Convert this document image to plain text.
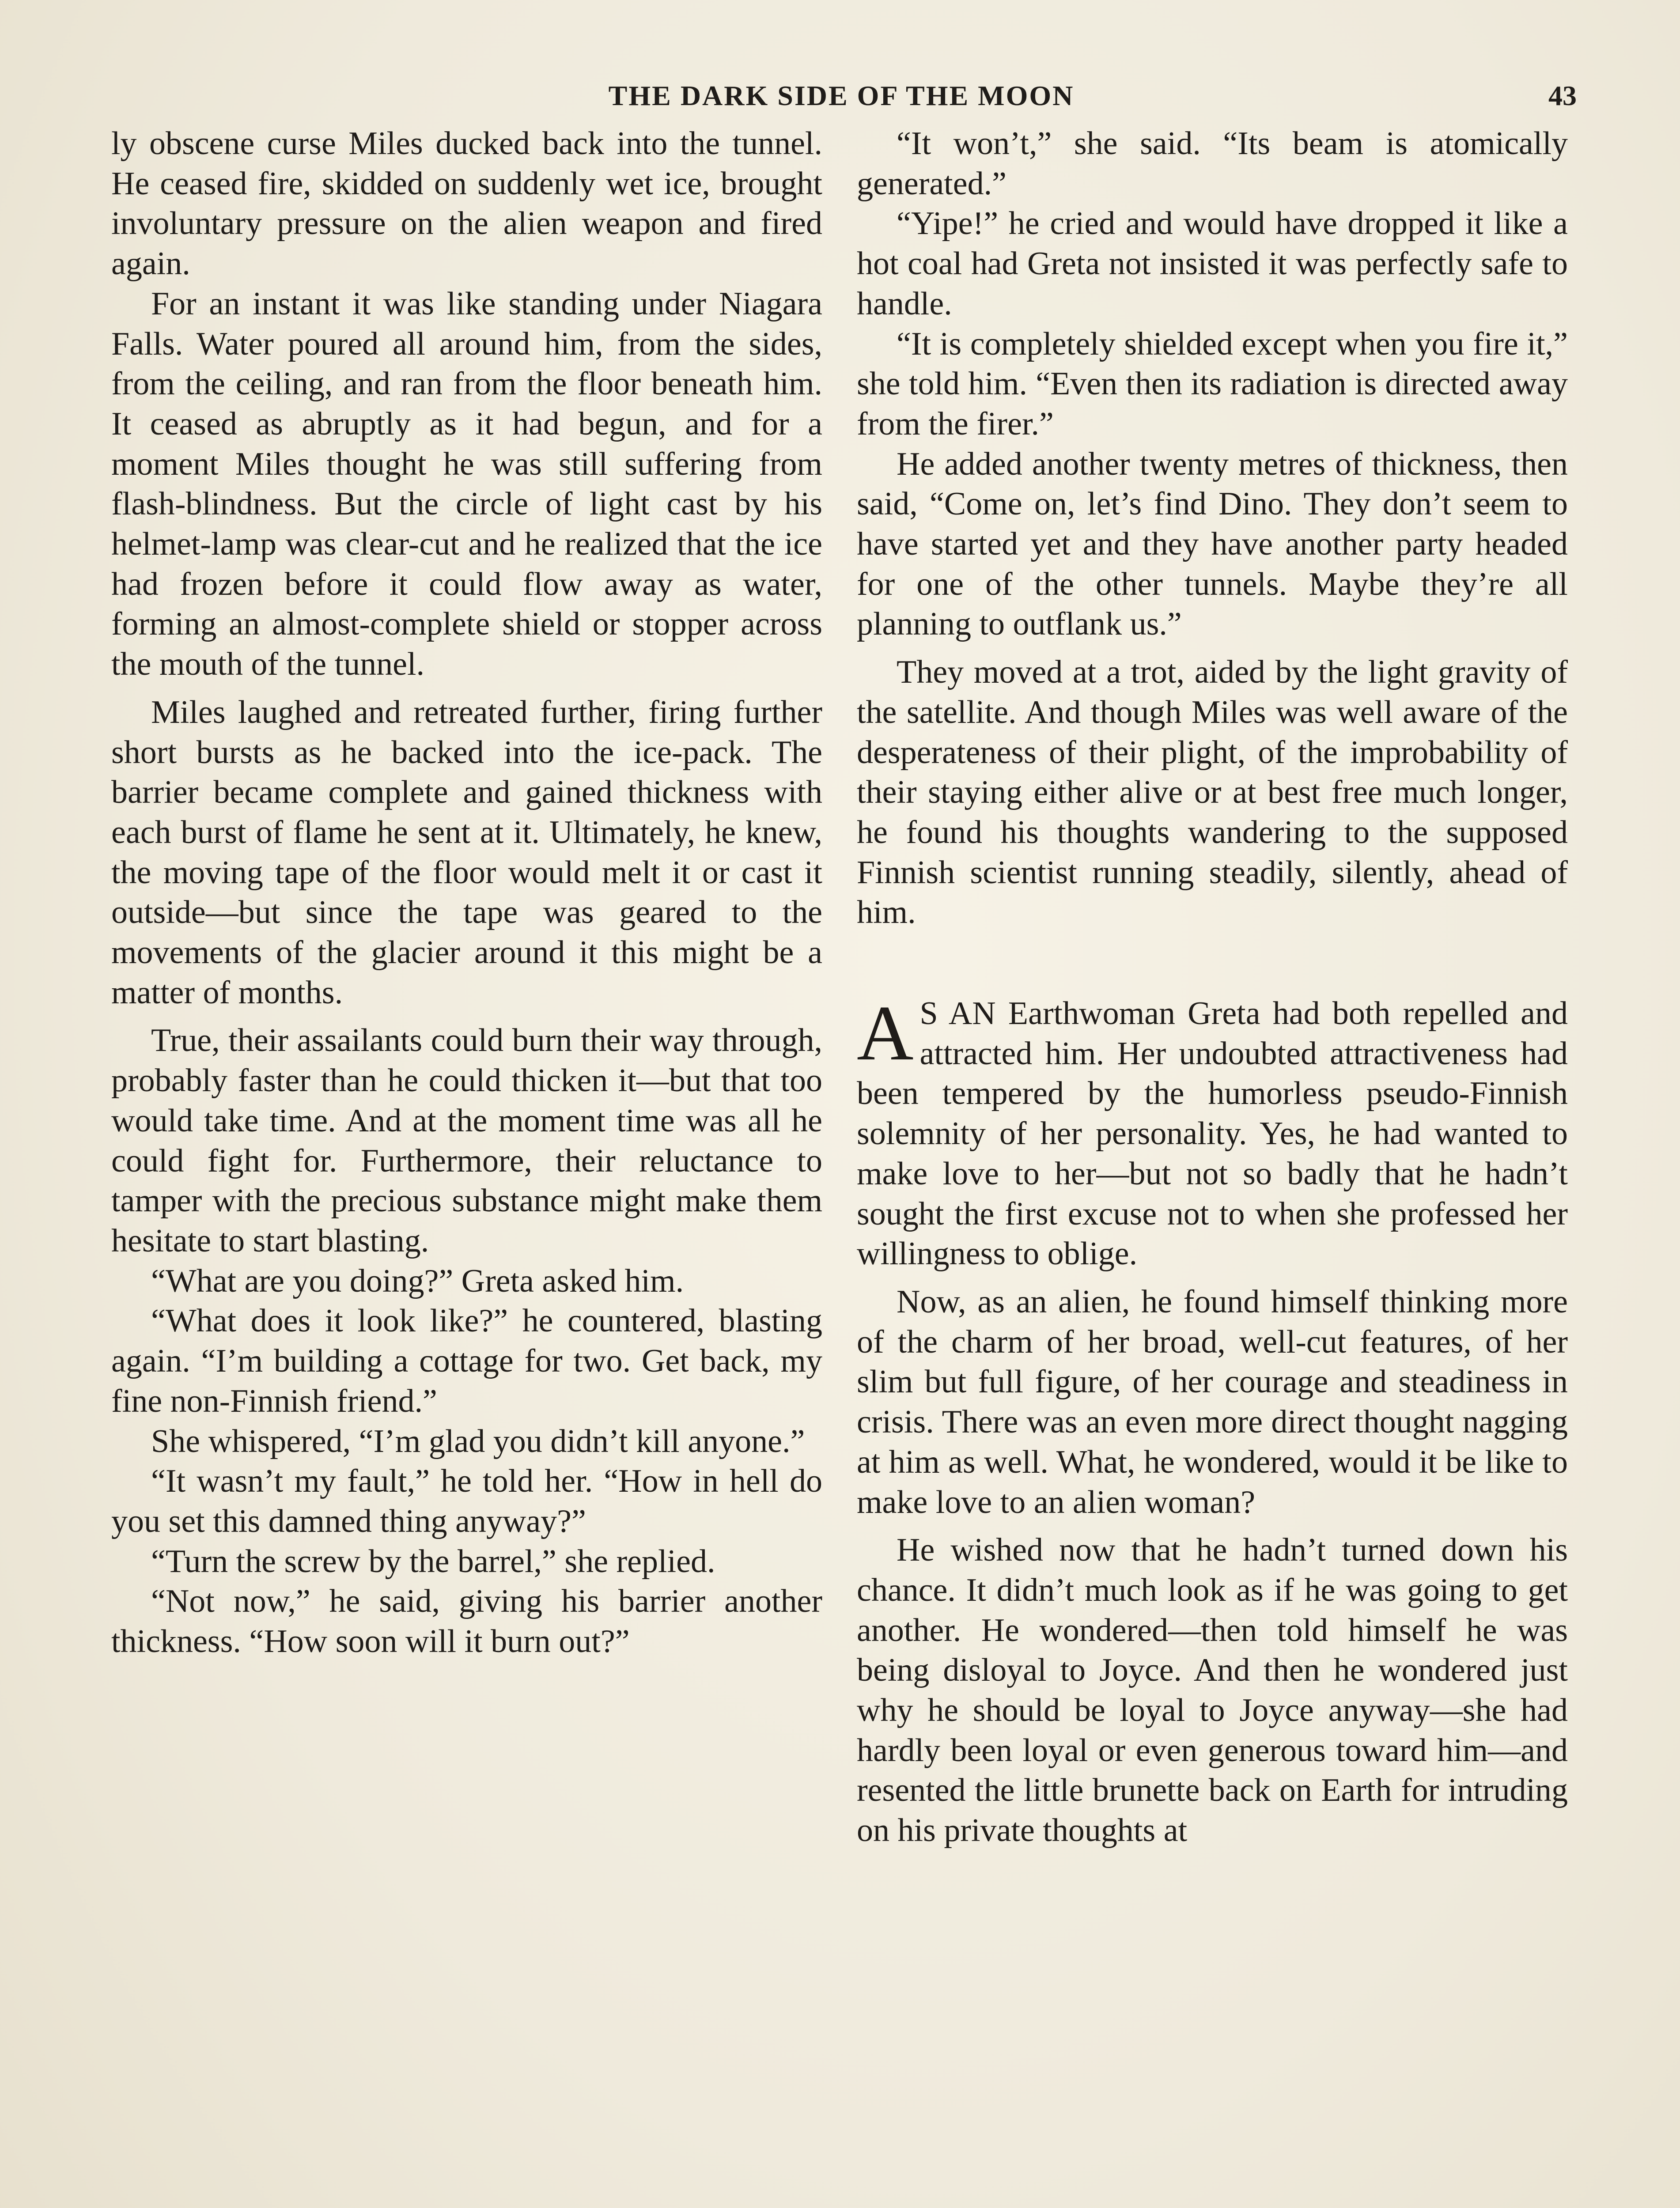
THE DARK SIDE OF THE MOON	43

ly obscene curse Miles ducked back into the tunnel. He ceased fire, skidded on suddenly wet ice, brought involuntary pressure on the alien weapon and fired again.

For an instant it was like standing under Niagara Falls. Water poured all around him, from the sides, from the ceiling, and ran from the floor beneath him. It ceased as abruptly as it had begun, and for a moment Miles thought he was still suffering from flash-blindness. But the circle of light cast by his helmet-lamp was clear-cut and he realized that the ice had frozen before it could flow away as water, forming an almost-complete shield or stopper across the mouth of the tunnel.

Miles laughed and retreated further, firing further short bursts as he backed into the ice-pack. The barrier became complete and gained thickness with each burst of flame he sent at it. Ultimately, he knew, the moving tape of the floor would melt it or cast it outside—but since the tape was geared to the movements of the glacier around it this might be a matter of months.

True, their assailants could burn their way through, probably faster than he could thicken it—but that too would take time. And at the moment time was all he could fight for. Furthermore, their reluctance to tamper with the precious substance might make them hesitate to start blasting.

“What are you doing?” Greta asked him.

“What does it look like?” he countered, blasting again. “I’m building a cottage for two. Get back, my fine non-Finnish friend.”

She whispered, “I’m glad you didn’t kill anyone.”

“It wasn’t my fault,” he told her. “How in hell do you set this damned thing anyway?”

“Turn the screw by the barrel,” she replied.

“Not now,” he said, giving his barrier another thickness. “How soon will it burn out?”

“It won’t,” she said. “Its beam is atomically generated.”

“Yipe!” he cried and would have dropped it like a hot coal had Greta not insisted it was perfectly safe to handle.

“It is completely shielded except when you fire it,” she told him. “Even then its radiation is directed away from the firer.”

He added another twenty metres of thickness, then said, “Come on, let’s find Dino. They don’t seem to have started yet and they have another party headed for one of the other tunnels. Maybe they’re all planning to outflank us.”

They moved at a trot, aided by the light gravity of the satellite. And though Miles was well aware of the desperateness of their plight, of the improbability of their staying either alive or at best free much longer, he found his thoughts wandering to the supposed Finnish scientist running steadily, silently, ahead of him.

A S AN Earthwoman Greta had both repelled and attracted him. Her undoubted attractiveness had been tempered by the humorless pseudo-Finnish solemnity of her personality. Yes, he had wanted to make love to her—but not so badly that he hadn’t sought the first excuse not to when she professed her willingness to oblige.

Now, as an alien, he found himself thinking more of the charm of her broad, well-cut features, of her slim but full figure, of her courage and steadiness in crisis. There was an even more direct thought nagging at him as well. What, he wondered, would it be like to make love to an alien woman?

He wished now that he hadn’t turned down his chance. It didn’t much look as if he was going to get another. He wondered—then told himself he was being disloyal to Joyce. And then he wondered just why he should be loyal to Joyce anyway—she had hardly been loyal or even generous toward him—and resented the little brunette back on Earth for intruding on his private thoughts at
